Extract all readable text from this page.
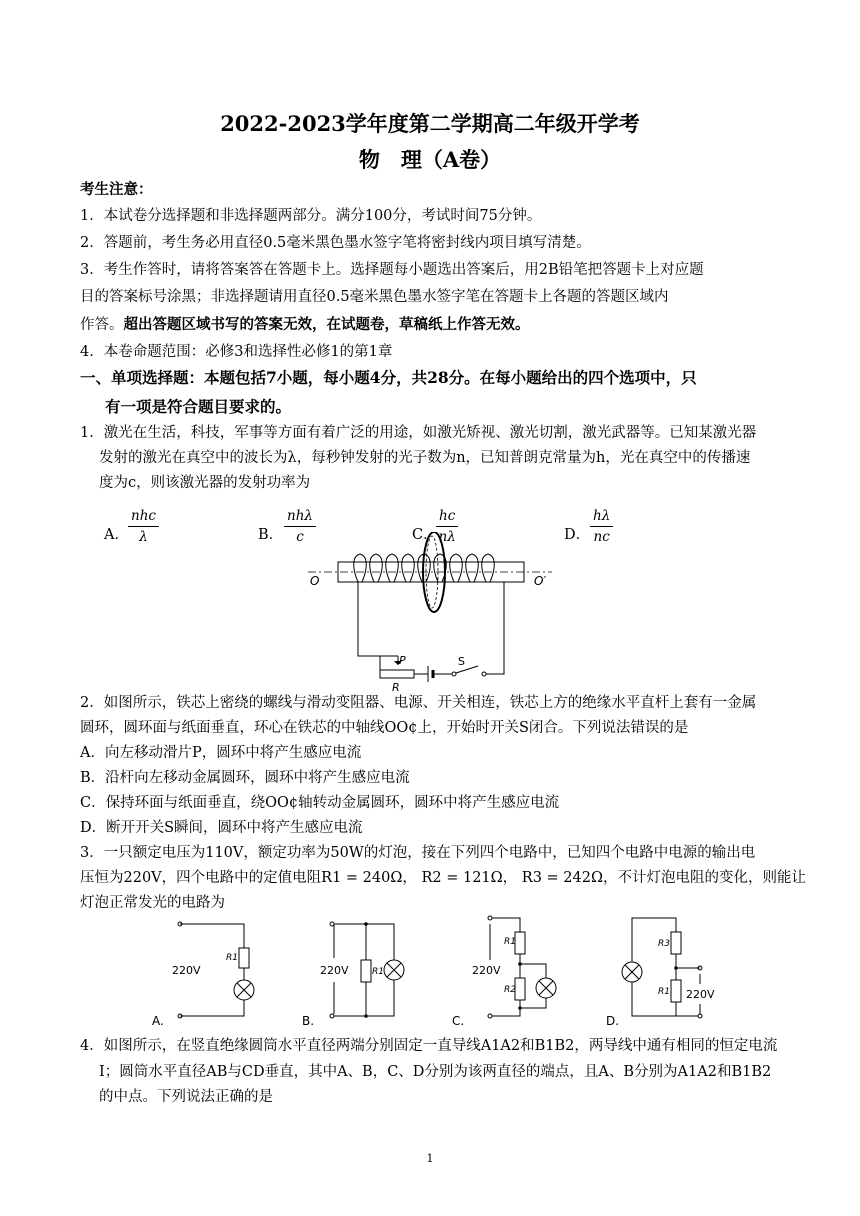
2022-2023学年度第二学期高二年级开学考
物　理（A卷）
考生注意：
1．本试卷分选择题和非选择题两部分。满分100分，考试时间75分钟。
2．答题前，考生务必用直径0.5毫米黑色墨水签字笔将密封线内项目填写清楚。
3．考生作答时，请将答案答在答题卡上。选择题每小题选出答案后，用2B铅笔把答题卡上对应题
目的答案标号涂黑；非选择题请用直径0.5毫米黑色墨水签字笔在答题卡上各题的答题区域内
作答。超出答题区域书写的答案无效，在试题卷，草稿纸上作答无效。
4．本卷命题范围：必修3和选择性必修1的第1章
一、单项选择题：本题包括7小题，每小题4分，共28分。在每小题给出的四个选项中，只
有一项是符合题目要求的。
1．激光在生活，科技，军事等方面有着广泛的用途，如激光矫视、激光切割，激光武器等。已知某激光器
发射的激光在真空中的波长为λ，每秒钟发射的光子数为n，已知普朗克常量为h，光在真空中的传播速
度为c，则该激光器的发射功率为
A．
nhc
λ	B．
nhλ
c	C．
$\frac{hc}{n\lambda}$	D． $\frac{h\lambda}{nc}$
O	O′
P
R
S
2．如图所示，铁芯上密绕的螺线与滑动变阻器、电源、开关相连，铁芯上方的绝缘水平直杆上套有一金属
圆环，圆环面与纸面垂直，环心在铁芯的中轴线OO¢上，开始时开关S闭合。下列说法错误的是
A．向左移动滑片P，圆环中将产生感应电流
B．沿杆向左移动金属圆环，圆环中将产生感应电流
C．保持环面与纸面垂直，绕OO¢轴转动金属圆环，圆环中将产生感应电流
D．断开开关S瞬间，圆环中将产生感应电流
3．一只额定电压为110V，额定功率为50W的灯泡，接在下列四个电路中，已知四个电路中电源的输出电
压恒为220V，四个电路中的定值电阻R1 = 240Ω， R2 = 121Ω， R3 = 242Ω，不计灯泡电阻的变化，则能让
灯泡正常发光的电路为
220V
R1
A.
220V	R1
B.
220V
R1
R2
C.
220V
R3
R1
D.
4．如图所示，在竖直绝缘圆筒水平直径两端分别固定一直导线A1A2和B1B2，两导线中通有相同的恒定电流
I；圆筒水平直径AB与CD垂直，其中A、B，C、D分别为该两直径的端点，且A、B分别为A1A2和B1B2
的中点。下列说法正确的是
1
